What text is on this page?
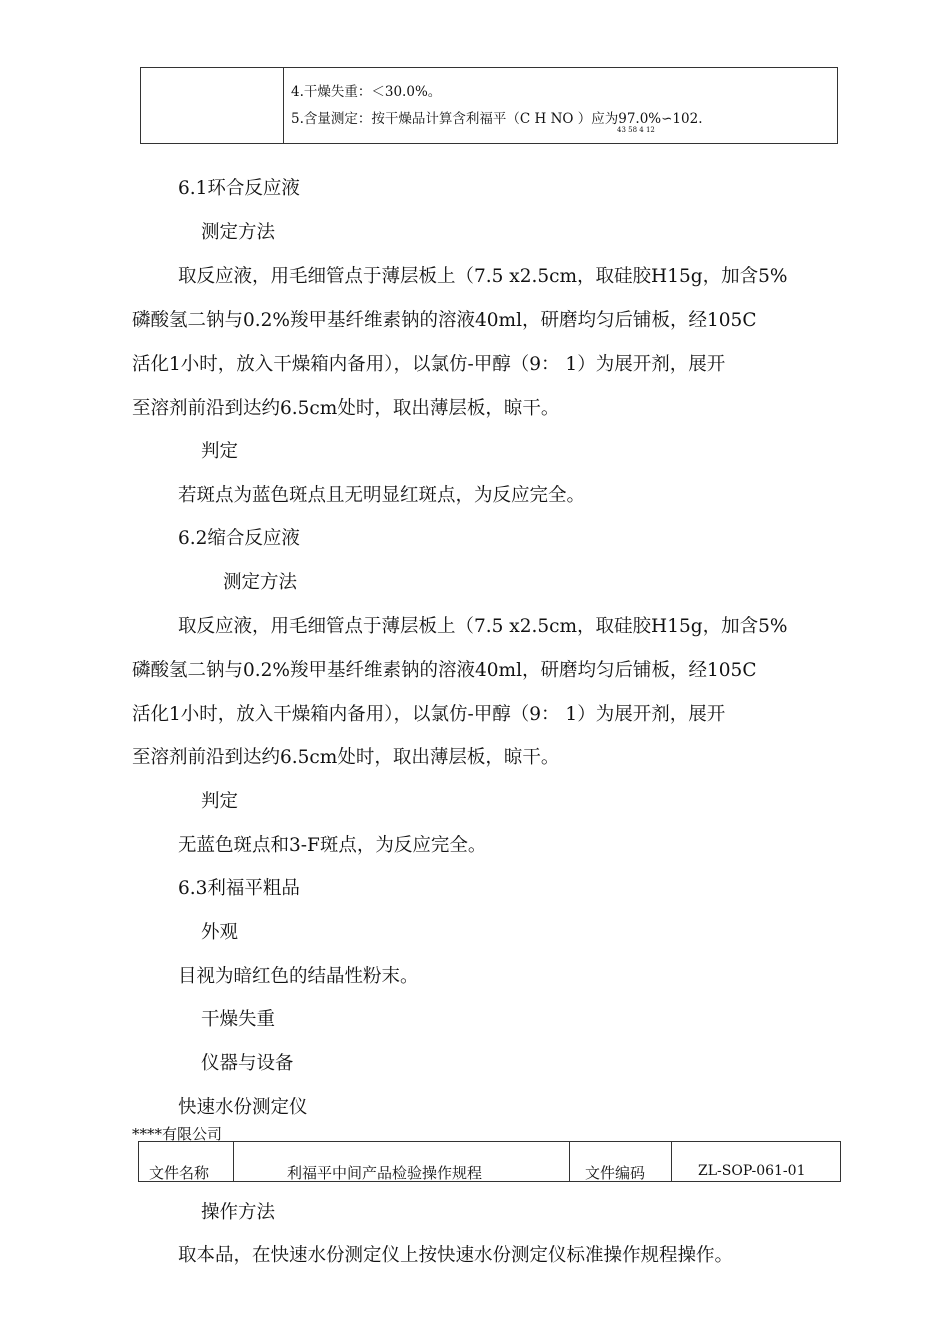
4.干燥失重：＜30.0%。
5.含量测定：按干燥品计算含利福平（C H NO ）应为97.0%∽102.
43 58 4 12
6.1环合反应液
测定方法
取反应液，用毛细管点于薄层板上（7.5 x2.5cm，取硅胶H15g，加含5%
磷酸氢二钠与0.2%羧甲基纤维素钠的溶液40ml，研磨均匀后铺板，经105C
活化1小时，放入干燥箱内备用），以氯仿-甲醇（9： 1）为展开剂，展开
至溶剂前沿到达约6.5cm处时，取出薄层板，晾干。
判定
若斑点为蓝色斑点且无明显红斑点，为反应完全。
6.2缩合反应液
测定方法
取反应液，用毛细管点于薄层板上（7.5 x2.5cm，取硅胶H15g，加含5%
磷酸氢二钠与0.2%羧甲基纤维素钠的溶液40ml，研磨均匀后铺板，经105C
活化1小时，放入干燥箱内备用），以氯仿-甲醇（9： 1）为展开剂，展开
至溶剂前沿到达约6.5cm处时，取出薄层板，晾干。
判定
无蓝色斑点和3-F斑点，为反应完全。
6.3利福平粗品
外观
目视为暗红色的结晶性粉末。
干燥失重
仪器与设备
快速水份测定仪
****有限公司
文件名称	利福平中间产品检验操作规程	文件编码	ZL-SOP-061-01
操作方法
取本品，在快速水份测定仪上按快速水份测定仪标准操作规程操作。
